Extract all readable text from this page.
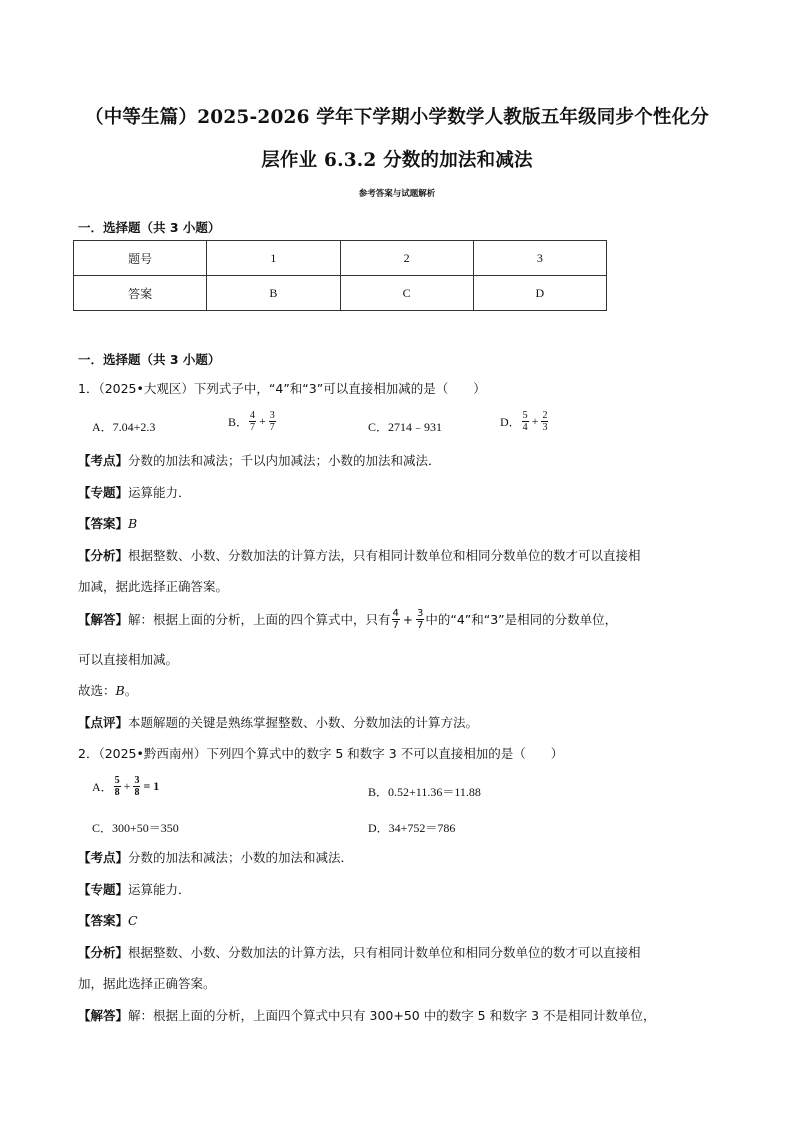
（中等生篇）2025-2026 学年下学期小学数学人教版五年级同步个性化分
层作业 6.3.2 分数的加法和减法
参考答案与试题解析
一．选择题（共 3 小题）
题号	1	2	3
答案	B	C	D
一．选择题（共 3 小题）
1．（2025•大观区）下列式子中，“4”和“3”可以直接相加减的是（　　）
A．7.04+2.3	B． $\frac{4}{7} + \frac{3}{7}$	C．2714﹣931	D． $\frac{5}{4} + \frac{2}{3}$
【考点】分数的加法和减法；千以内加减法；小数的加法和减法．
【专题】运算能力．
【答案】B
【分析】根据整数、小数、分数加法的计算方法，只有相同计数单位和相同分数单位的数才可以直接相
加减，据此选择正确答案。
【解答】 解：根据上面的分析，上面的四个算式中，只有 $\frac{4}{7} + \frac{3}{7}$ 中的“4”和“3”是相同的分数单位，
可以直接相加减。
故选：B。
【点评】本题解题的关键是熟练掌握整数、小数、分数加法的计算方法。
2．（2025•黔西南州）下列四个算式中的数字 5 和数字 3 不可以直接相加的是（　　）
A． $\frac{5}{8} + \frac{3}{8} = 1$	B．0.52+11.36＝11.88
C．300+50＝350	D．34+752＝786
【考点】分数的加法和减法；小数的加法和减法．
【专题】运算能力．
【答案】C
【分析】根据整数、小数、分数加法的计算方法，只有相同计数单位和相同分数单位的数才可以直接相
加，据此选择正确答案。
【解答】解：根据上面的分析，上面四个算式中只有 300+50 中的数字 5 和数字 3 不是相同计数单位，
